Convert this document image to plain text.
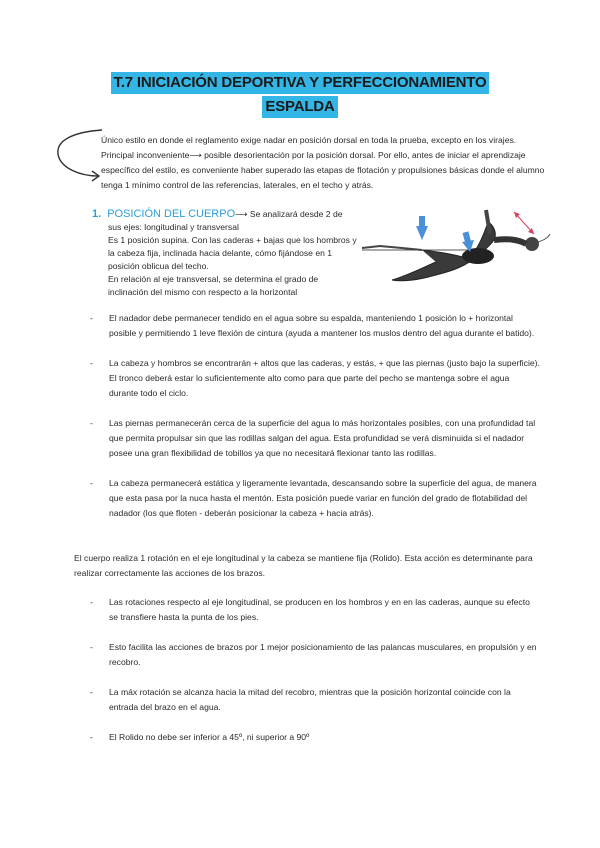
T.7 INICIACIÓN DEPORTIVA Y PERFECCIONAMIENTO
ESPALDA

Único estilo en donde el reglamento exige nadar en posición dorsal en toda la prueba, excepto en los virajes.

Principal inconveniente⟶ posible desorientación por la posición dorsal. Por ello, antes de iniciar el aprendizaje específico del estilo, es conveniente haber superado las etapas de flotación y propulsiones básicas donde el alumno tenga 1 mínimo control de las referencias, laterales, en el techo y atrás.

1. POSICIÓN DEL CUERPO⟶ Se analizará desde 2 de
sus ejes: longitudinal y transversal
Es 1 posición supina. Con las caderas + bajas que los hombros y la cabeza fija, inclinada hacia delante, cómo fijándose en 1 posición oblicua del techo.
En relación al eje transversal, se determina el grado de inclinación del mismo con respecto a la horizontal

- El nadador debe permanecer tendido en el agua sobre su espalda, manteniendo 1 posición lo + horizontal posible y permitiendo 1 leve flexión de cintura (ayuda a mantener los muslos dentro del agua durante el batido).

- La cabeza y hombros se encontrarán + altos que las caderas, y estás, + que las piernas (justo bajo la superficie). El tronco deberá estar lo suficientemente alto como para que parte del pecho se mantenga sobre el agua durante todo el ciclo.

- Las piernas permanecerán cerca de la superficie del agua lo más horizontales posibles, con una profundidad tal que permita propulsar sin que las rodillas salgan del agua. Esta profundidad se verá disminuida si el nadador posee una gran flexibilidad de tobillos ya que no necesitará flexionar tanto las rodillas.

- La cabeza permanecerá estática y ligeramente levantada, descansando sobre la superficie del agua, de manera que esta pasa por la nuca hasta el mentón. Esta posición puede variar en función del grado de flotabilidad del nadador (los que floten - deberán posicionar la cabeza + hacia atrás).

El cuerpo realiza 1 rotación en el eje longitudinal y la cabeza se mantiene fija (Rolido). Esta acción es determinante para realizar correctamente las acciones de los brazos.

- Las rotaciones respecto al eje longitudinal, se producen en los hombros y en en las caderas, aunque su efecto se transfiere hasta la punta de los pies.

- Esto facilita las acciones de brazos por 1 mejor posicionamiento de las palancas musculares, en propulsión y en recobro.

- La máx rotación se alcanza hacia la mitad del recobro, mientras que la posición horizontal coincide con la entrada del brazo en el agua.

- El Rolido no debe ser inferior a 45º, ni superior a 90º
